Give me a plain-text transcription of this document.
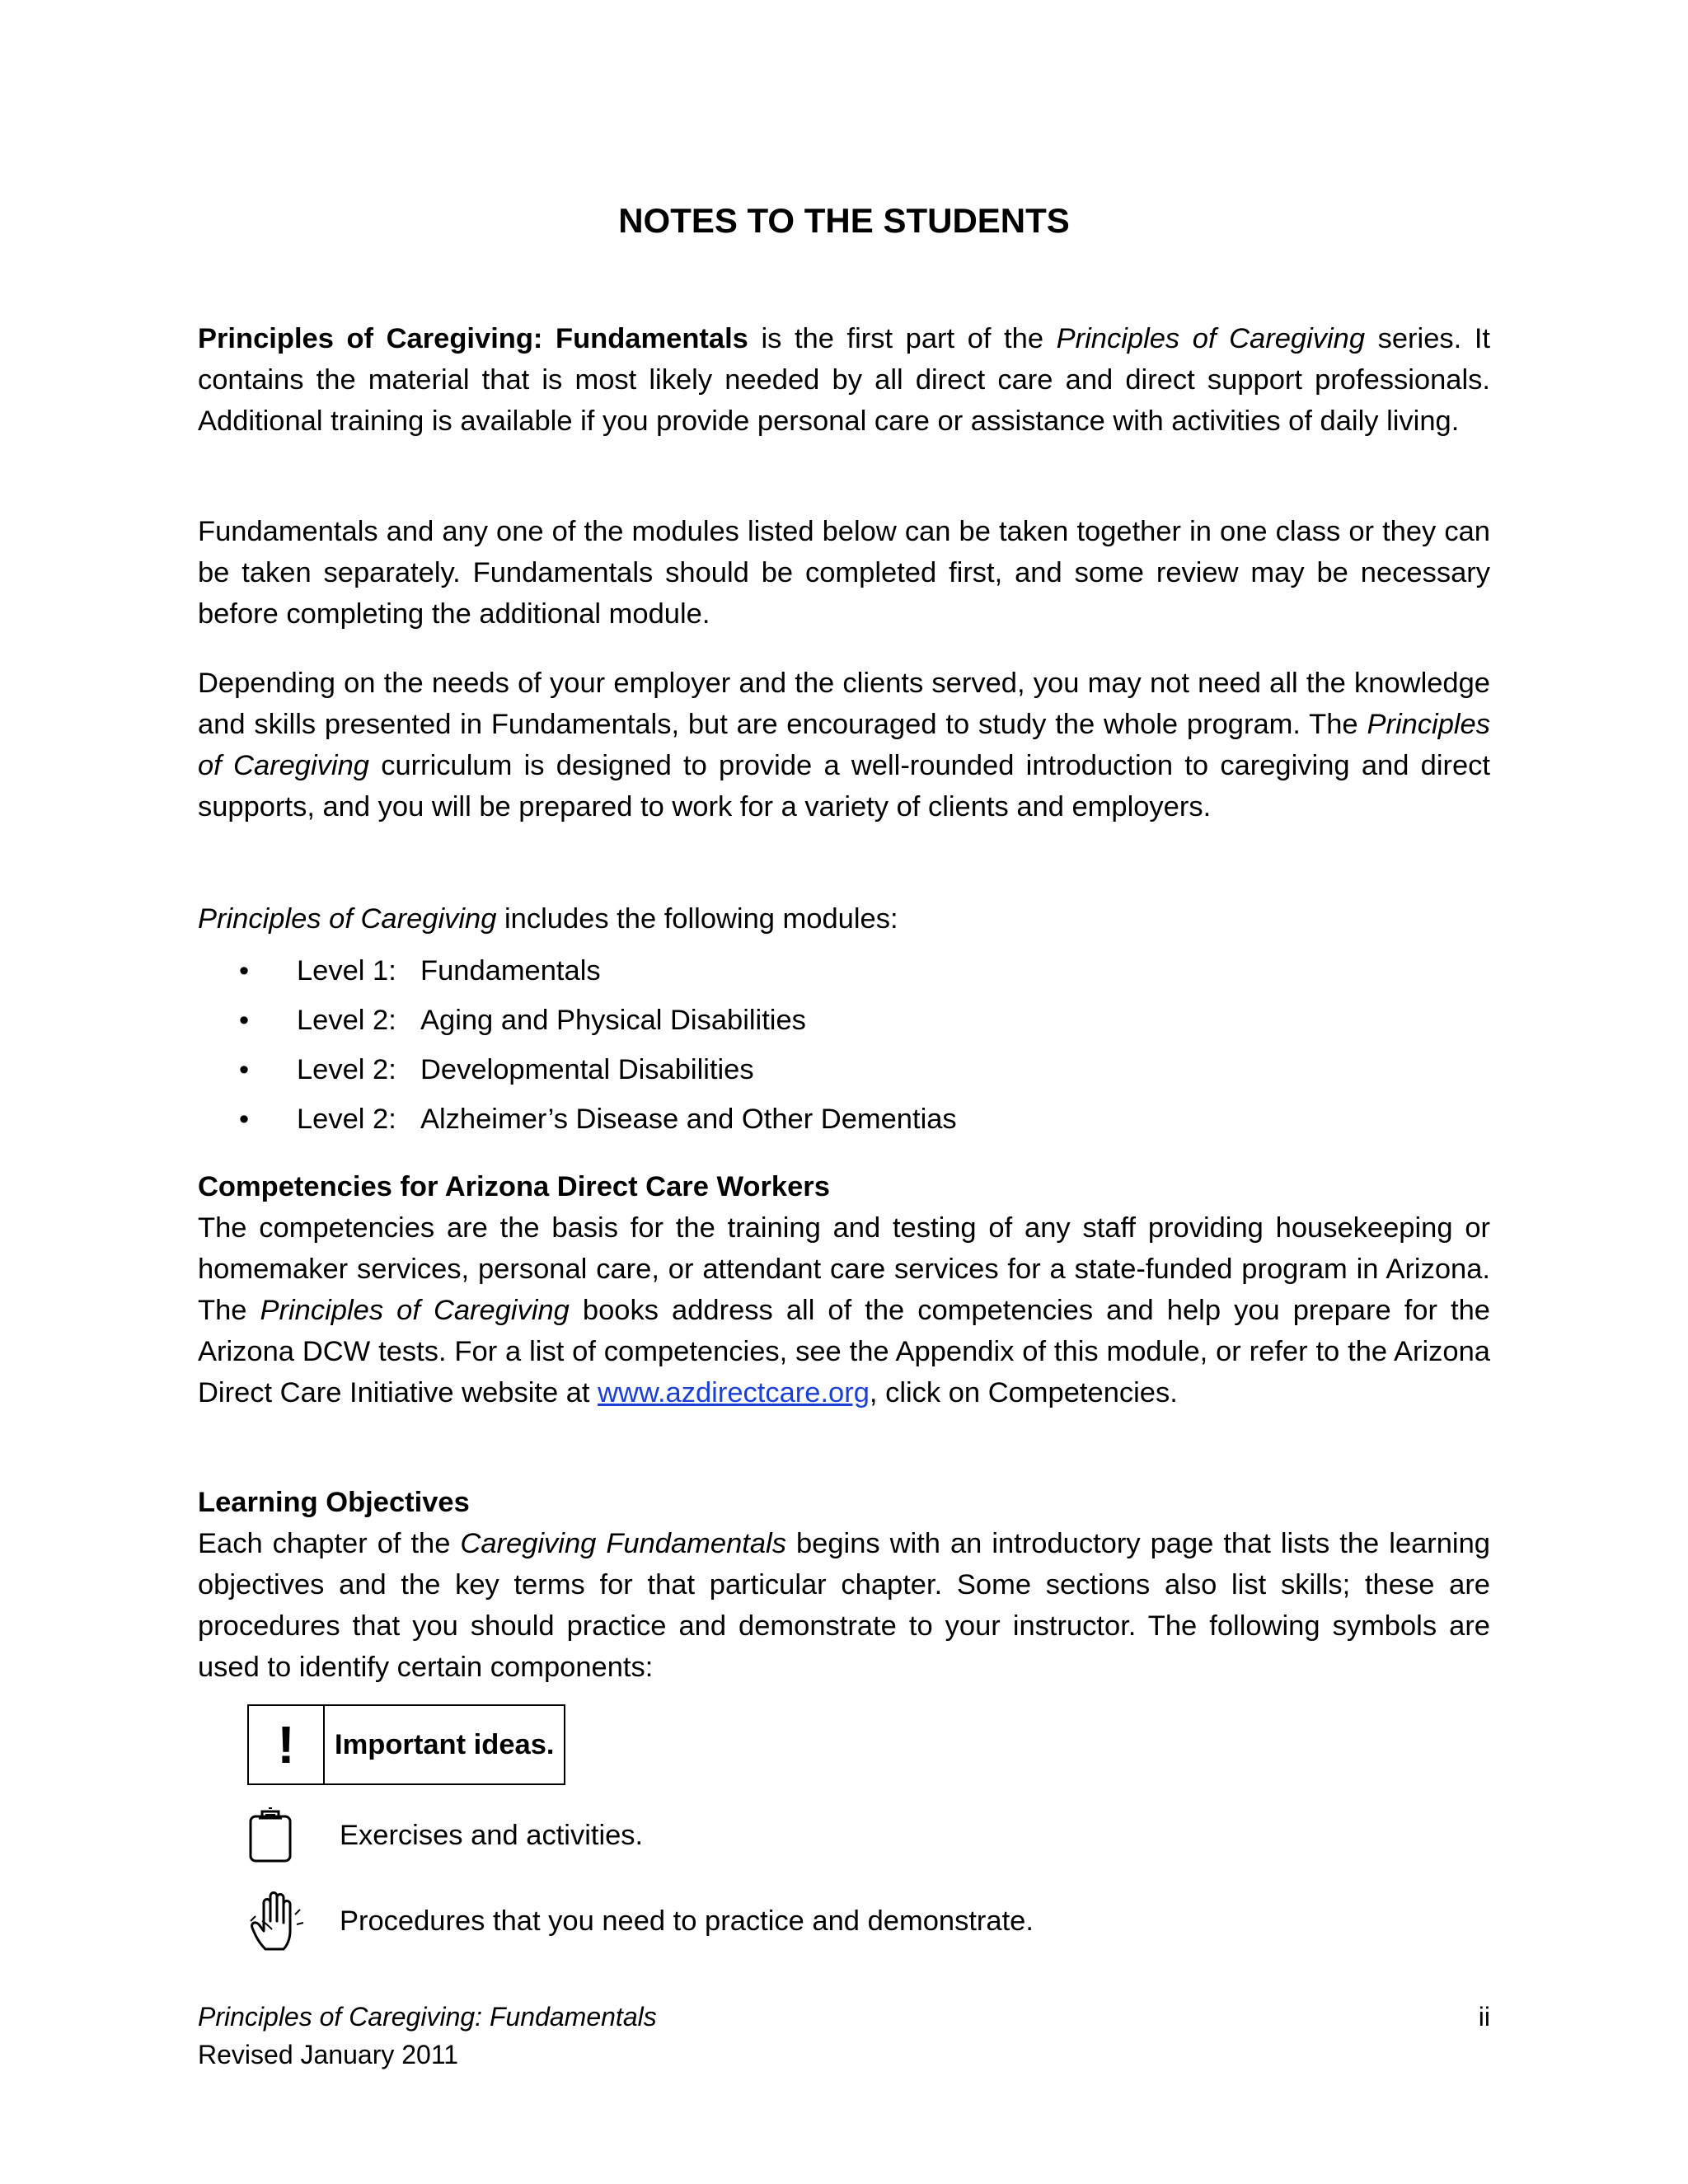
NOTES TO THE STUDENTS

Principles of Caregiving: Fundamentals is the first part of the Principles of Caregiving series. It contains the material that is most likely needed by all direct care and direct support professionals. Additional training is available if you provide personal care or assistance with activities of daily living.

Fundamentals and any one of the modules listed below can be taken together in one class or they can be taken separately. Fundamentals should be completed first, and some review may be necessary before completing the additional module.

Depending on the needs of your employer and the clients served, you may not need all the knowledge and skills presented in Fundamentals, but are encouraged to study the whole program. The Principles of Caregiving curriculum is designed to provide a well-rounded introduction to caregiving and direct supports, and you will be prepared to work for a variety of clients and employers.

Principles of Caregiving includes the following modules:

• Level 1: Fundamentals
• Level 2: Aging and Physical Disabilities
• Level 2: Developmental Disabilities
• Level 2: Alzheimer’s Disease and Other Dementias

Competencies for Arizona Direct Care Workers
The competencies are the basis for the training and testing of any staff providing housekeeping or homemaker services, personal care, or attendant care services for a state-funded program in Arizona. The Principles of Caregiving books address all of the competencies and help you prepare for the Arizona DCW tests. For a list of competencies, see the Appendix of this module, or refer to the Arizona Direct Care Initiative website at www.azdirectcare.org, click on Competencies.

Learning Objectives
Each chapter of the Caregiving Fundamentals begins with an introductory page that lists the learning objectives and the key terms for that particular chapter. Some sections also list skills; these are procedures that you should practice and demonstrate to your instructor. The following symbols are used to identify certain components:

!	Important ideas.
Exercises and activities.
Procedures that you need to practice and demonstrate.
Principles of Caregiving: Fundamentals
Revised January 2011
ii
